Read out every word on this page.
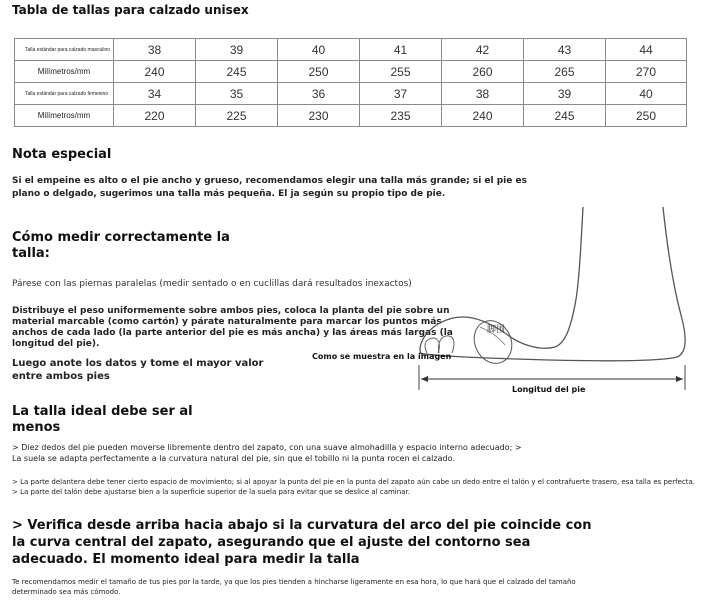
Tabla de tallas para calzado unisex
Talla estándar para calzado masculino	38	39	40	41	42	43	44
Milímetros/mm	240	245	250	255	260	265	270
Talla estándar para calzado femenino	34	35	36	37	38	39	40
Milímetros/mm	220	225	230	235	240	245	250
Nota especial
Si el empeine es alto o el pie ancho y grueso, recomendamos elegir una talla más grande; si el pie es plano o delgado, sugerimos una talla más pequeña. El ja según su propio tipo de pie.
Cómo medir correctamente la talla:
Párese con las piernas paralelas (medir sentado o en cuclillas dará resultados inexactos)
Distribuye el peso uniformemente sobre ambos pies, coloca la planta del pie sobre un material marcable (como cartón) y párate naturalmente para marcar los puntos más anchos de cada lado (la parte anterior del pie es más ancha) y las áreas más largas (la longitud del pie).
Luego anote los datos y tome el mayor valor entre ambos pies
脚围
Como se muestra en la imagen
Longitud del pie
La talla ideal debe ser al menos
> Diez dedos del pie pueden moverse libremente dentro del zapato, con una suave almohadilla y espacio interno adecuado; > La suela se adapta perfectamente a la curvatura natural del pie, sin que el tobillo ni la punta rocen el calzado.
> La parte delantera debe tener cierto espacio de movimiento; si al apoyar la punta del pie en la punta del zapato aún cabe un dedo entre el talón y el contrafuerte trasero, esa talla es perfecta. > La parte del talón debe ajustarse bien a la superficie superior de la suela para evitar que se deslice al caminar.
> Verifica desde arriba hacia abajo si la curvatura del arco del pie coincide con la curva central del zapato, asegurando que el ajuste del contorno sea adecuado. El momento ideal para medir la talla
Te recomendamos medir el tamaño de tus pies por la tarde, ya que los pies tienden a hincharse ligeramente en esa hora, lo que hará que el calzado del tamaño determinado sea más cómodo.
